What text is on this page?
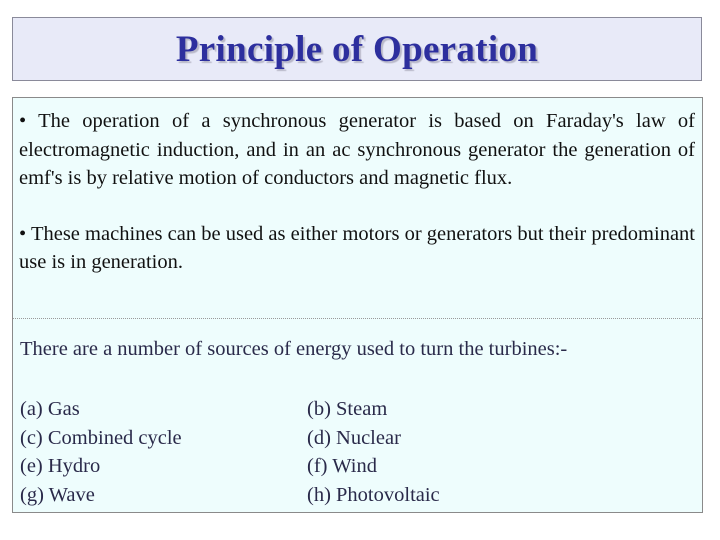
Principle of Operation

• The operation of a synchronous generator is based on Faraday's law of electromagnetic induction, and in an ac synchronous generator the generation of emf's is by relative motion of conductors and magnetic flux.

• These machines can be used as either motors or generators but their predominant use is in generation.

There are a number of sources of energy used to turn the turbines:-
(a) Gas	(b) Steam
(c) Combined cycle	(d) Nuclear
(e) Hydro	(f) Wind
(g) Wave	(h) Photovoltaic
